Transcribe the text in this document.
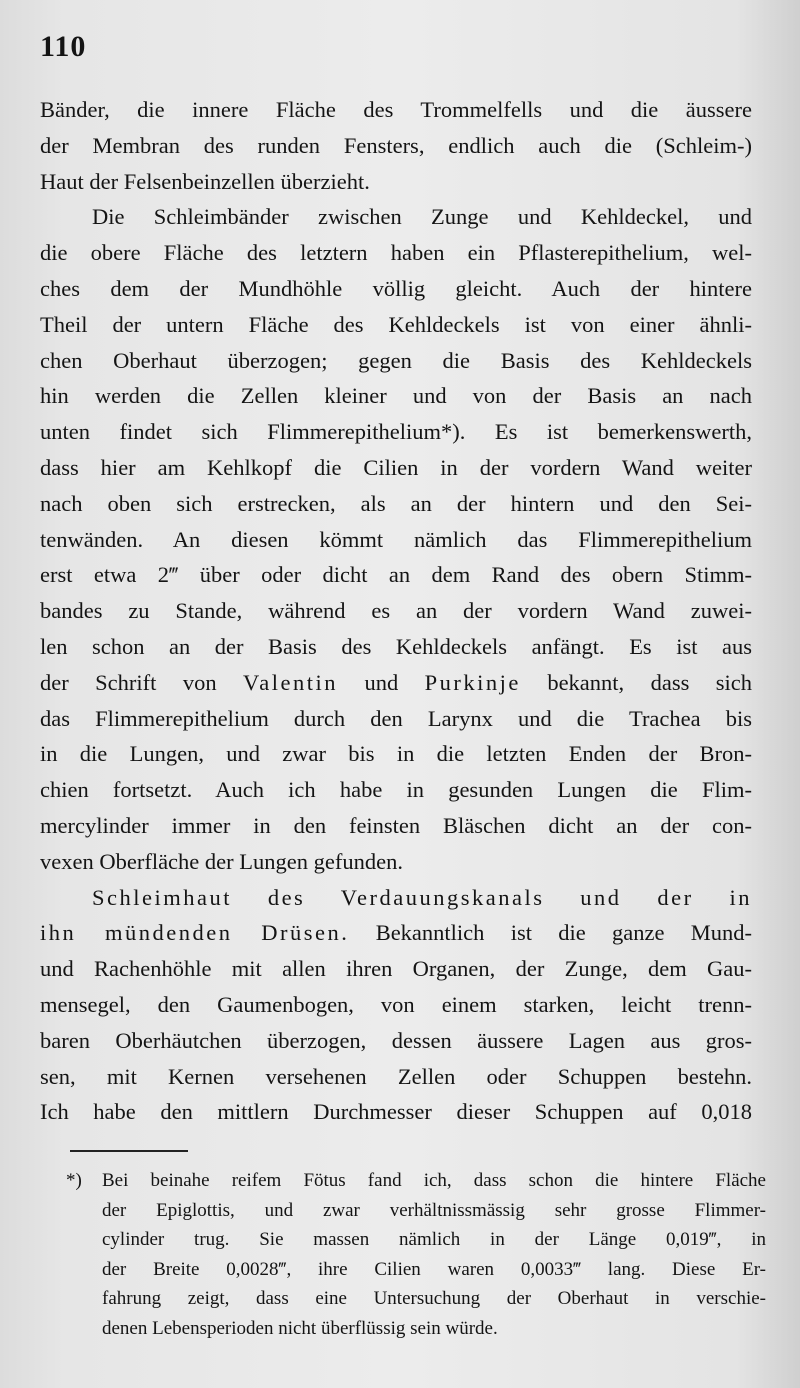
110
Bänder, die innere Fläche des Trommelfells und die äussere
der Membran des runden Fensters, endlich auch die (Schleim-)
Haut der Felsenbeinzellen überzieht.
Die Schleimbänder zwischen Zunge und Kehldeckel, und
die obere Fläche des letztern haben ein Pflasterepithelium, wel-
ches dem der Mundhöhle völlig gleicht. Auch der hintere
Theil der untern Fläche des Kehldeckels ist von einer ähnli-
chen Oberhaut überzogen; gegen die Basis des Kehldeckels
hin werden die Zellen kleiner und von der Basis an nach
unten findet sich Flimmerepithelium*). Es ist bemerkenswerth,
dass hier am Kehlkopf die Cilien in der vordern Wand weiter
nach oben sich erstrecken, als an der hintern und den Sei-
tenwänden. An diesen kömmt nämlich das Flimmerepithelium
erst etwa 2‴ über oder dicht an dem Rand des obern Stimm-
bandes zu Stande, während es an der vordern Wand zuwei-
len schon an der Basis des Kehldeckels anfängt. Es ist aus
der Schrift von Valentin und Purkinje bekannt, dass sich
das Flimmerepithelium durch den Larynx und die Trachea bis
in die Lungen, und zwar bis in die letzten Enden der Bron-
chien fortsetzt. Auch ich habe in gesunden Lungen die Flim-
mercylinder immer in den feinsten Bläschen dicht an der con-
vexen Oberfläche der Lungen gefunden.
Schleimhaut des Verdauungskanals und der in
ihn mündenden Drüsen. Bekanntlich ist die ganze Mund-
und Rachenhöhle mit allen ihren Organen, der Zunge, dem Gau-
mensegel, den Gaumenbogen, von einem starken, leicht trenn-
baren Oberhäutchen überzogen, dessen äussere Lagen aus gros-
sen, mit Kernen versehenen Zellen oder Schuppen bestehn.
Ich habe den mittlern Durchmesser dieser Schuppen auf 0,018
*) Bei beinahe reifem Fötus fand ich, dass schon die hintere Fläche
der Epiglottis, und zwar verhältnissmässig sehr grosse Flimmer-
cylinder trug. Sie massen nämlich in der Länge 0,019‴, in
der Breite 0,0028‴, ihre Cilien waren 0,0033‴ lang. Diese Er-
fahrung zeigt, dass eine Untersuchung der Oberhaut in verschie-
denen Lebensperioden nicht überflüssig sein würde.
